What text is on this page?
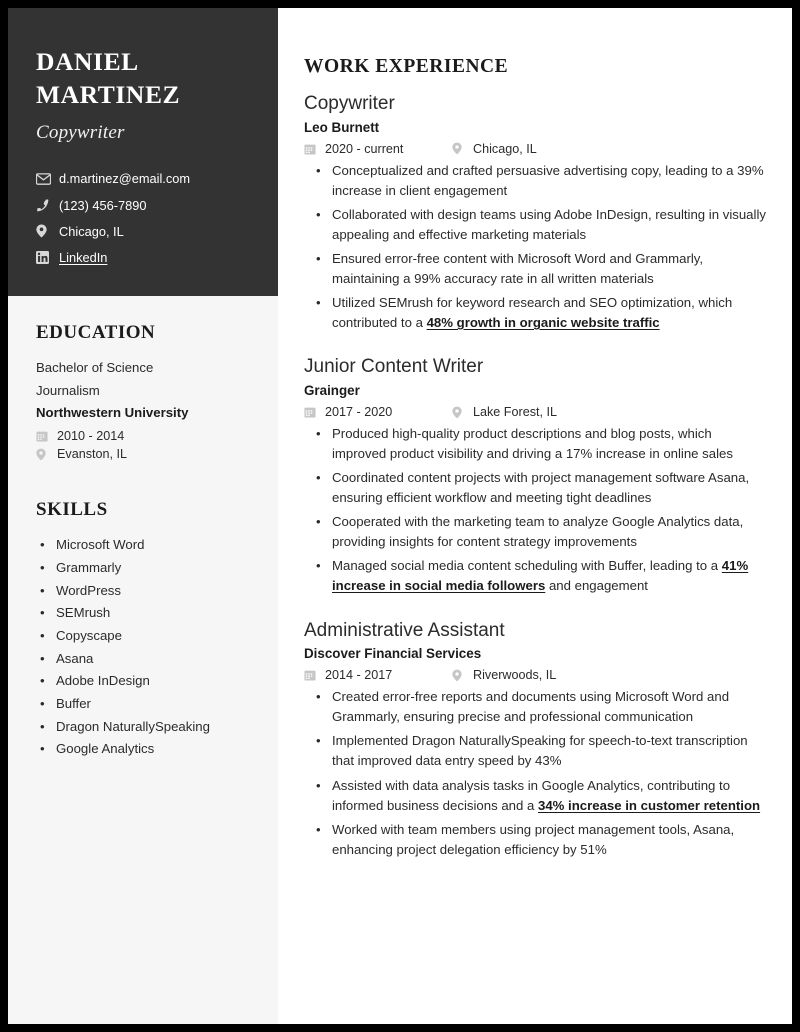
DANIEL
MARTINEZ
Copywriter
d.martinez@email.com
(123) 456-7890
Chicago, IL
LinkedIn
EDUCATION
Bachelor of Science
Journalism
Northwestern University
2010 - 2014
Evanston, IL
SKILLS
• Microsoft Word
• Grammarly
• WordPress
• SEMrush
• Copyscape
• Asana
• Adobe InDesign
• Buffer
• Dragon NaturallySpeaking
• Google Analytics
WORK EXPERIENCE
Copywriter
Leo Burnett
2020 - current	Chicago, IL
• Conceptualized and crafted persuasive advertising copy, leading to a 39% increase in client engagement
• Collaborated with design teams using Adobe InDesign, resulting in visually appealing and effective marketing materials
• Ensured error-free content with Microsoft Word and Grammarly, maintaining a 99% accuracy rate in all written materials
• Utilized SEMrush for keyword research and SEO optimization, which contributed to a 48% growth in organic website traffic
Junior Content Writer
Grainger
2017 - 2020	Lake Forest, IL
• Produced high-quality product descriptions and blog posts, which improved product visibility and driving a 17% increase in online sales
• Coordinated content projects with project management software Asana, ensuring efficient workflow and meeting tight deadlines
• Cooperated with the marketing team to analyze Google Analytics data, providing insights for content strategy improvements
• Managed social media content scheduling with Buffer, leading to a 41% increase in social media followers and engagement
Administrative Assistant
Discover Financial Services
2014 - 2017	Riverwoods, IL
• Created error-free reports and documents using Microsoft Word and Grammarly, ensuring precise and professional communication
• Implemented Dragon NaturallySpeaking for speech-to-text transcription that improved data entry speed by 43%
• Assisted with data analysis tasks in Google Analytics, contributing to informed business decisions and a 34% increase in customer retention
• Worked with team members using project management tools, Asana, enhancing project delegation efficiency by 51%
